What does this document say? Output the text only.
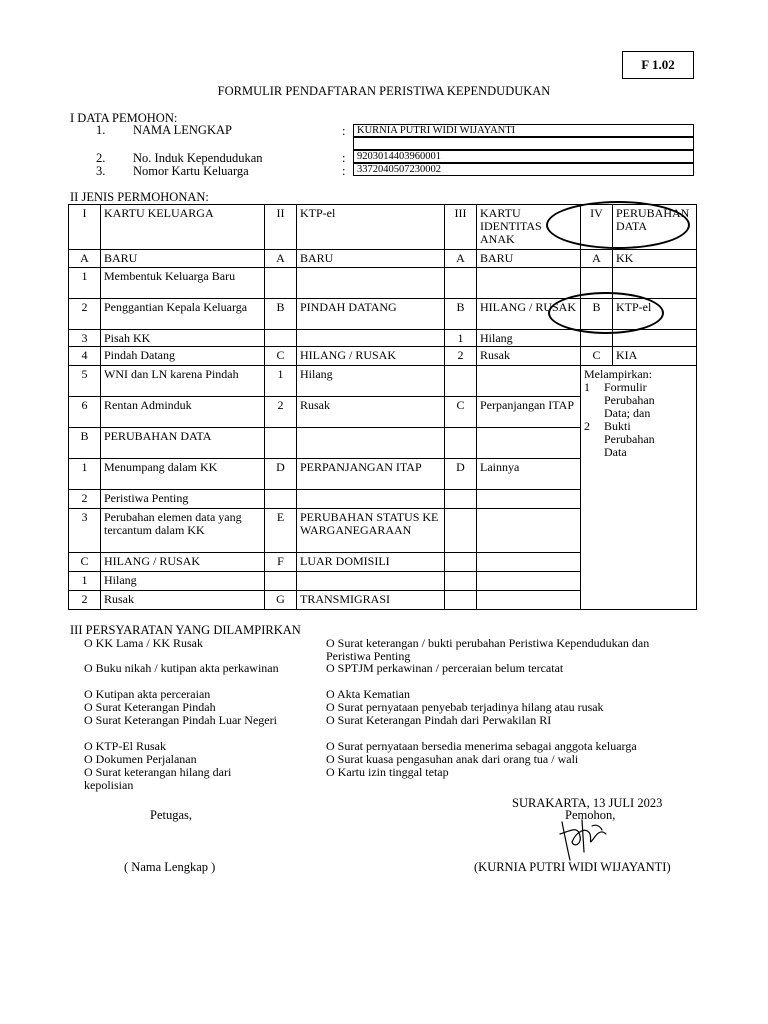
F 1.02
FORMULIR PENDAFTARAN PERISTIWA KEPENDUDUKAN
I DATA PEMOHON:
1. NAMA LENGKAP	:	KURNIA PUTRI WIDI WIJAYANTI
2. No. Induk Kependudukan	:	9203014403960001
3. Nomor Kartu Keluarga	:	3372040507230002
II JENIS PERMOHONAN:
I	KARTU KELUARGA	II	KTP-el	III	KARTU IDENTITAS ANAK	IV	PERUBAHAN DATA	
A	BARU	A	BARU	A	BARU	A	KK	
1	Membentuk Keluarga Baru							
2	Penggantian Kepala Keluarga	B	PINDAH DATANG	B	HILANG / RUSAK	B	KTP-el	
3	Pisah KK			1	Hilang			
4	Pindah Datang	C	HILANG / RUSAK	2	Rusak	C	KIA	
5	WNI dan LN karena Pindah	1	Hilang			Melampirkan:
1 Formulir Perubahan Data; dan
2 Bukti Perubahan Data		

6	Rentan Adminduk	2	Rusak	C	Perpanjangan ITAP			
B	PERUBAHAN DATA							
1	Menumpang dalam KK	D	PERPANJANGAN ITAP	D	Lainnya			
2	Peristiwa Penting							
3	Perubahan elemen data yang tercantum dalam KK	E	PERUBAHAN STATUS KEWARGANEGARAAN					
C	HILANG / RUSAK	F	LUAR DOMISILI					
1	Hilang							
2	Rusak	G	TRANSMIGRASI					
III PERSYARATAN YANG DILAMPIRKAN
O KK Lama / KK Rusak
O Buku nikah / kutipan akta perkawinan
O Kutipan akta perceraian
O Surat Keterangan Pindah
O Surat Keterangan Pindah Luar Negeri
O KTP-El Rusak
O Dokumen Perjalanan
O Surat keterangan hilang dari kepolisian
O Surat keterangan / bukti perubahan Peristiwa Kependudukan dan Peristiwa Penting
O SPTJM perkawinan / perceraian belum tercatat
O Akta Kematian
O Surat pernyataan penyebab terjadinya hilang atau rusak
O Surat Keterangan Pindah dari Perwakilan RI
O Surat pernyataan bersedia menerima sebagai anggota keluarga
O Surat kuasa pengasuhan anak dari orang tua / wali
O Kartu izin tinggal tetap
SURAKARTA, 13 JULI 2023
Petugas,	Pemohon,
( Nama Lengkap )	(KURNIA PUTRI WIDI WIJAYANTI)
